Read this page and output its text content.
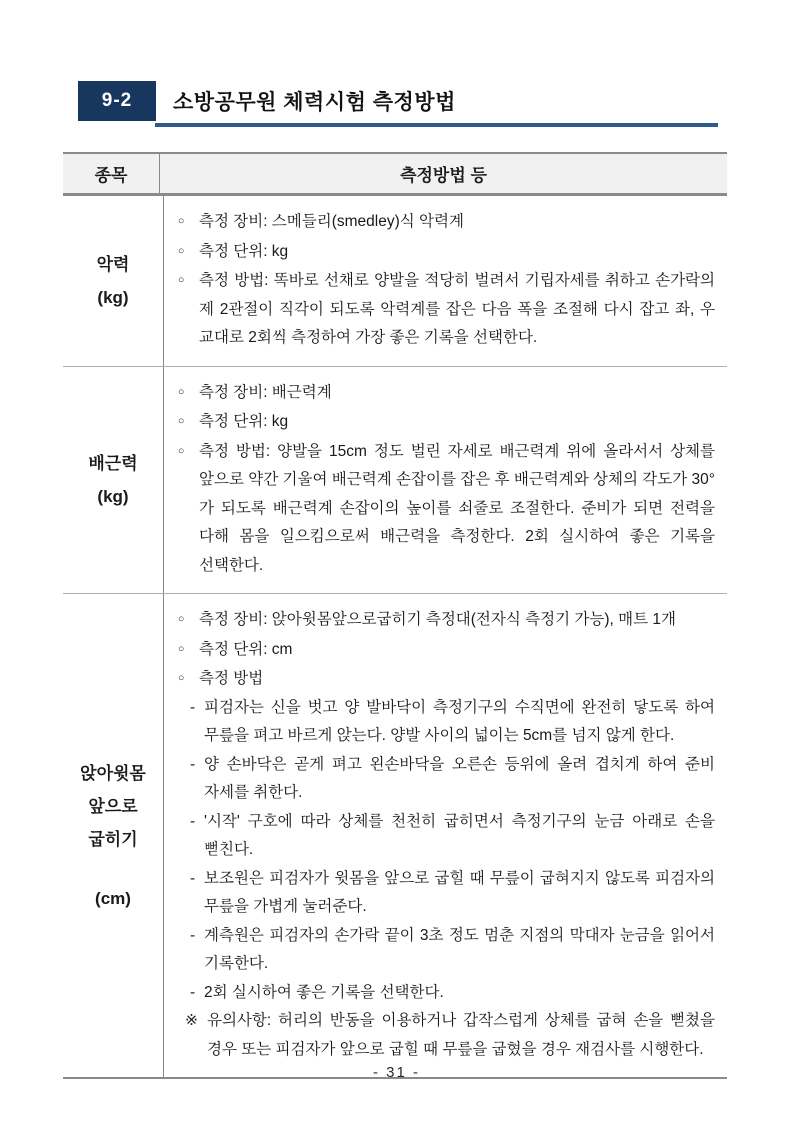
9-2	소방공무원 체력시험 측정방법
종목	측정방법 등
악력
(kg)
○ 측정 장비: 스메들리(smedley)식 악력계
○ 측정 단위: kg
○ 측정 방법: 똑바로 선채로 양발을 적당히 벌려서 기립자세를 취하고 손가락의 제 2관절이 직각이 되도록 악력계를 잡은 다음 폭을 조절해 다시 잡고 좌, 우 교대로 2회씩 측정하여 가장 좋은 기록을 선택한다.
배근력
(kg)
○ 측정 장비: 배근력계
○ 측정 단위: kg
○ 측정 방법: 양발을 15cm 정도 벌린 자세로 배근력계 위에 올라서서 상체를 앞으로 약간 기울여 배근력계 손잡이를 잡은 후 배근력계와 상체의 각도가 30°가 되도록 배근력계 손잡이의 높이를 쇠줄로 조절한다. 준비가 되면 전력을 다해 몸을 일으킴으로써 배근력을 측정한다. 2회 실시하여 좋은 기록을 선택한다.
앉아윗몸
앞으로
굽히기
(cm)
○ 측정 장비: 앉아윗몸앞으로굽히기 측정대(전자식 측정기 가능), 매트 1개
○ 측정 단위: cm
○ 측정 방법
- 피검자는 신을 벗고 양 발바닥이 측정기구의 수직면에 완전히 닿도록 하여 무릎을 펴고 바르게 앉는다. 양발 사이의 넓이는 5cm를 넘지 않게 한다.
- 양 손바닥은 곧게 펴고 왼손바닥을 오른손 등위에 올려 겹치게 하여 준비 자세를 취한다.
- '시작' 구호에 따라 상체를 천천히 굽히면서 측정기구의 눈금 아래로 손을 뻗친다.
- 보조원은 피검자가 윗몸을 앞으로 굽힐 때 무릎이 굽혀지지 않도록 피검자의 무릎을 가볍게 눌러준다.
- 계측원은 피검자의 손가락 끝이 3초 정도 멈춘 지점의 막대자 눈금을 읽어서 기록한다.
- 2회 실시하여 좋은 기록을 선택한다.
※ 유의사항: 허리의 반동을 이용하거나 갑작스럽게 상체를 굽혀 손을 뻗쳤을 경우 또는 피검자가 앞으로 굽힐 때 무릎을 굽혔을 경우 재검사를 시행한다.
- 31 -
